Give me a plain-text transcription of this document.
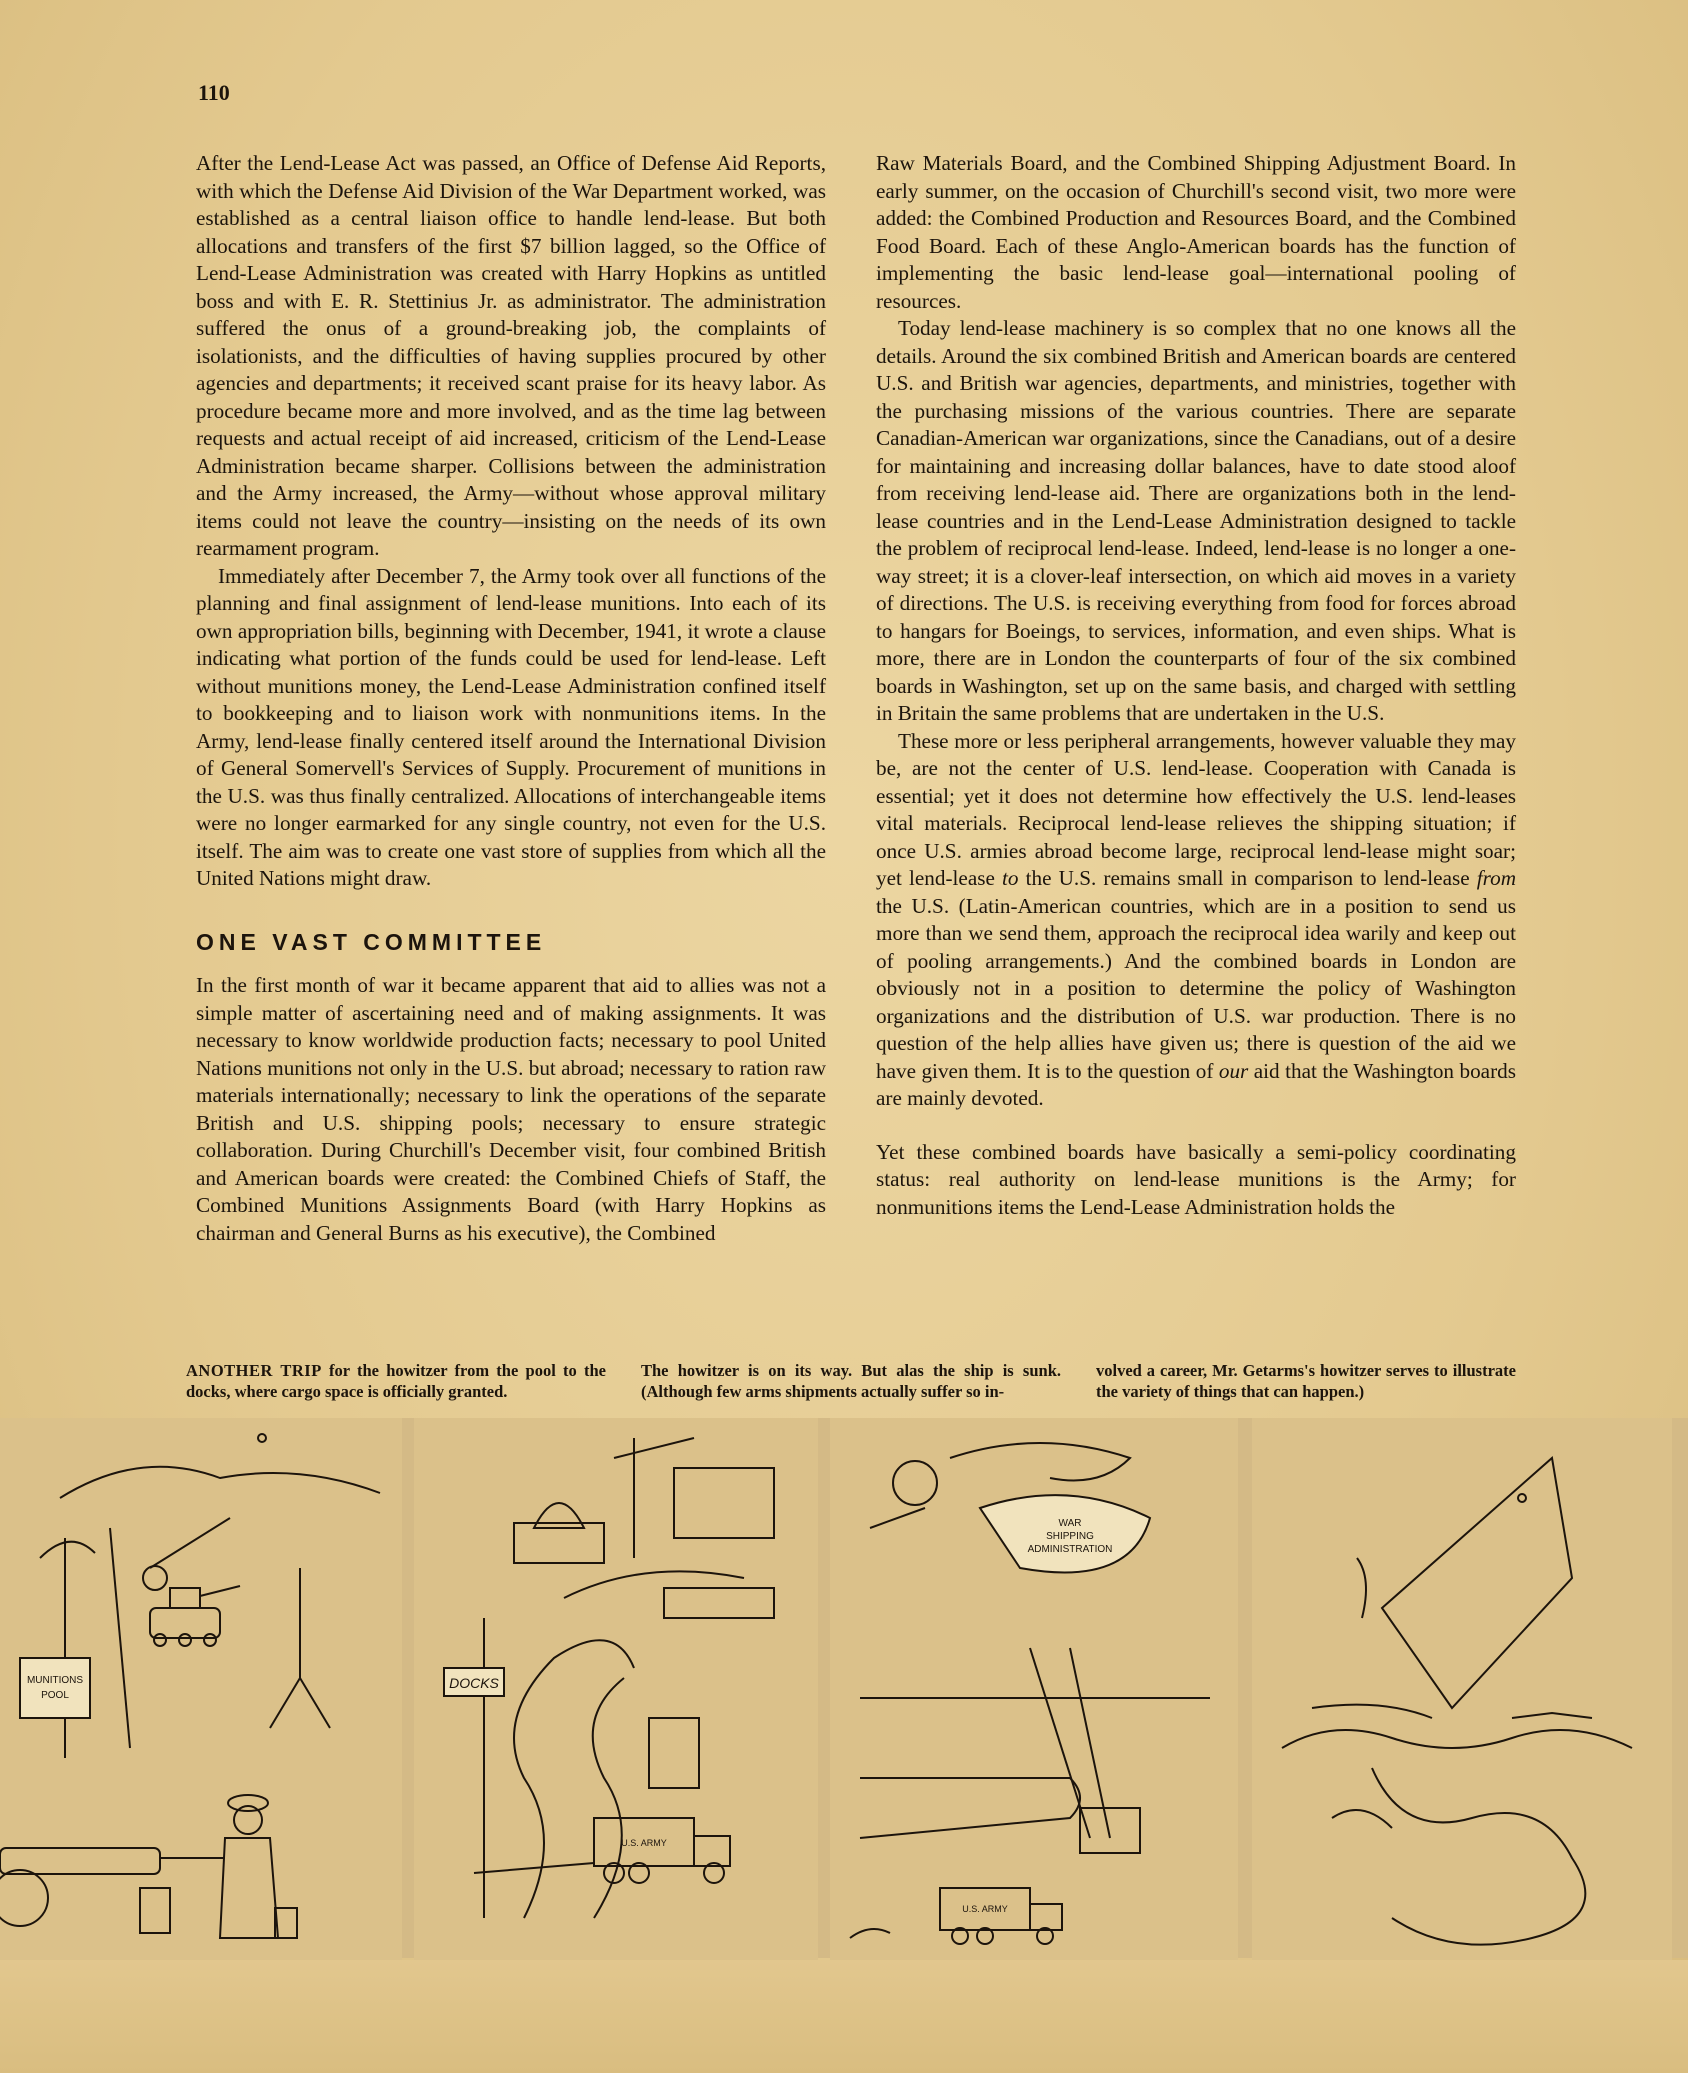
110

After the Lend-Lease Act was passed, an Office of Defense Aid Reports, with which the Defense Aid Division of the War Department worked, was established as a central liaison office to handle lend-lease. But both allocations and transfers of the first $7 billion lagged, so the Office of Lend-Lease Administration was created with Harry Hopkins as untitled boss and with E. R. Stettinius Jr. as administrator. The administration suffered the onus of a ground-breaking job, the complaints of isolationists, and the difficulties of having supplies procured by other agencies and departments; it received scant praise for its heavy labor. As procedure became more and more involved, and as the time lag between requests and actual receipt of aid increased, criticism of the Lend-Lease Administration became sharper. Collisions between the administration and the Army increased, the Army—without whose approval military items could not leave the country—insisting on the needs of its own rearmament program.

Immediately after December 7, the Army took over all functions of the planning and final assignment of lend-lease munitions. Into each of its own appropriation bills, beginning with December, 1941, it wrote a clause indicating what portion of the funds could be used for lend-lease. Left without munitions money, the Lend-Lease Administration confined itself to bookkeeping and to liaison work with nonmunitions items. In the Army, lend-lease finally centered itself around the International Division of General Somervell's Services of Supply. Procurement of munitions in the U.S. was thus finally centralized. Allocations of interchangeable items were no longer earmarked for any single country, not even for the U.S. itself. The aim was to create one vast store of supplies from which all the United Nations might draw.

ONE VAST COMMITTEE

In the first month of war it became apparent that aid to allies was not a simple matter of ascertaining need and of making assignments. It was necessary to know worldwide production facts; necessary to pool United Nations munitions not only in the U.S. but abroad; necessary to ration raw materials internationally; necessary to link the operations of the separate British and U.S. shipping pools; necessary to ensure strategic collaboration. During Churchill's December visit, four combined British and American boards were created: the Combined Chiefs of Staff, the Combined Munitions Assignments Board (with Harry Hopkins as chairman and General Burns as his executive), the Combined

Raw Materials Board, and the Combined Shipping Adjustment Board. In early summer, on the occasion of Churchill's second visit, two more were added: the Combined Production and Resources Board, and the Combined Food Board. Each of these Anglo-American boards has the function of implementing the basic lend-lease goal—international pooling of resources.

Today lend-lease machinery is so complex that no one knows all the details. Around the six combined British and American boards are centered U.S. and British war agencies, departments, and ministries, together with the purchasing missions of the various countries. There are separate Canadian-American war organizations, since the Canadians, out of a desire for maintaining and increasing dollar balances, have to date stood aloof from receiving lend-lease aid. There are organizations both in the lend-lease countries and in the Lend-Lease Administration designed to tackle the problem of reciprocal lend-lease. Indeed, lend-lease is no longer a one-way street; it is a clover-leaf intersection, on which aid moves in a variety of directions. The U.S. is receiving everything from food for forces abroad to hangars for Boeings, to services, information, and even ships. What is more, there are in London the counterparts of four of the six combined boards in Washington, set up on the same basis, and charged with settling in Britain the same problems that are undertaken in the U.S.

These more or less peripheral arrangements, however valuable they may be, are not the center of U.S. lend-lease. Cooperation with Canada is essential; yet it does not determine how effectively the U.S. lend-leases vital materials. Reciprocal lend-lease relieves the shipping situation; if once U.S. armies abroad become large, reciprocal lend-lease might soar; yet lend-lease to the U.S. remains small in comparison to lend-lease from the U.S. (Latin-American countries, which are in a position to send us more than we send them, approach the reciprocal idea warily and keep out of pooling arrangements.) And the combined boards in London are obviously not in a position to determine the policy of Washington organizations and the distribution of U.S. war production. There is no question of the help allies have given us; there is question of the aid we have given them. It is to the question of our aid that the Washington boards are mainly devoted.

Yet these combined boards have basically a semi-policy coordinating status: real authority on lend-lease munitions is the Army; for nonmunitions items the Lend-Lease Administration holds the

ANOTHER TRIP for the howitzer from the pool to the docks, where cargo space is officially granted.
The howitzer is on its way. But alas the ship is sunk. (Although few arms shipments actually suffer so in-
volved a career, Mr. Getarms's howitzer serves to illustrate the variety of things that can happen.)
MUNITIONS
POOL
DOCKS
U.S. ARMY
WAR
SHIPPING
ADMINISTRATION
U.S. ARMY
